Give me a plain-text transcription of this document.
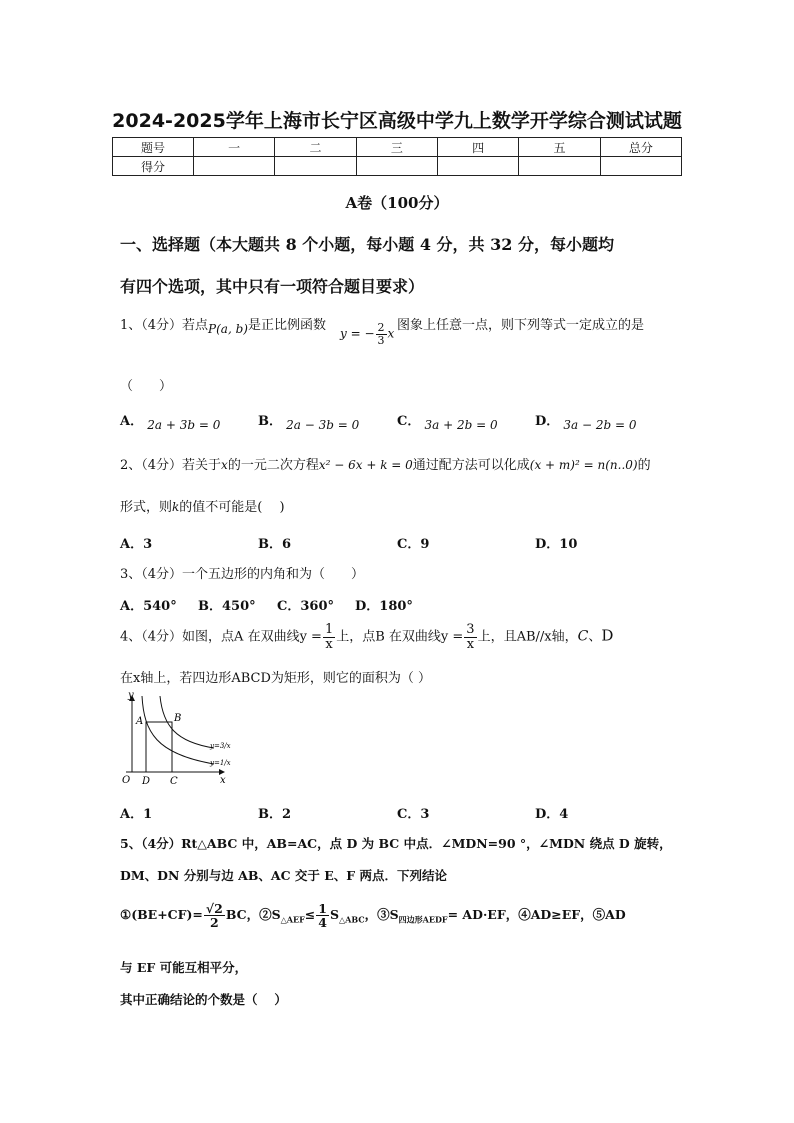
2024-2025学年上海市长宁区高级中学九上数学开学综合测试试题
题号	一	二	三	四	五	总分
得分						
A卷（100分）
一、选择题（本大题共 8 个小题，每小题 4 分，共 32 分，每小题均
有四个选项，其中只有一项符合题目要求）
1、（4分）若点P(a, b)是正比例函数
y = − $\frac{2}{3}$ x
图象上任意一点，则下列等式一定成立的是
（　　）
A． 2a + 3b = 0	B． 2a − 3b = 0	C． 3a + 2b = 0	D． 3a − 2b = 0
2、（4分）若关于x的一元二次方程x² − 6x + k = 0通过配方法可以化成(x + m)² = n(n..0)的
形式，则k的值不可能是(　 )
A．3	B．6	C．9	D．10
3、（4分）一个五边形的内角和为（　　）
A．540° B．450° C．360° D．180°
4、（4分）如图，点A 在双曲线$y = \frac{1}{x}$ 上，点B 在双曲线$y = \frac{3}{x}$ 上，且AB//x轴，C、D
在x轴上，若四边形ABCD为矩形，则它的面积为（ ）
y
x
O
A	B
D C
y=3/x
y=1/x
A．1	B．2	C．3	D．4
5、（4分）Rt△ABC 中，AB=AC，点 D 为 BC 中点．∠MDN=90 °，∠MDN 绕点 D 旋转，
DM、DN 分别与边 AB、AC 交于 E、F 两点．下列结论
①(BE+CF)= $\frac{√2}{2}$ BC，$②S_{\triangle AEF}\le \frac{1}{4} S_{\triangle ABC}$，$③S_{四边形AEDF}= AD\cdot EF$，④AD≥EF，⑤AD
与 EF 可能互相平分，
其中正确结论的个数是（　 ）
